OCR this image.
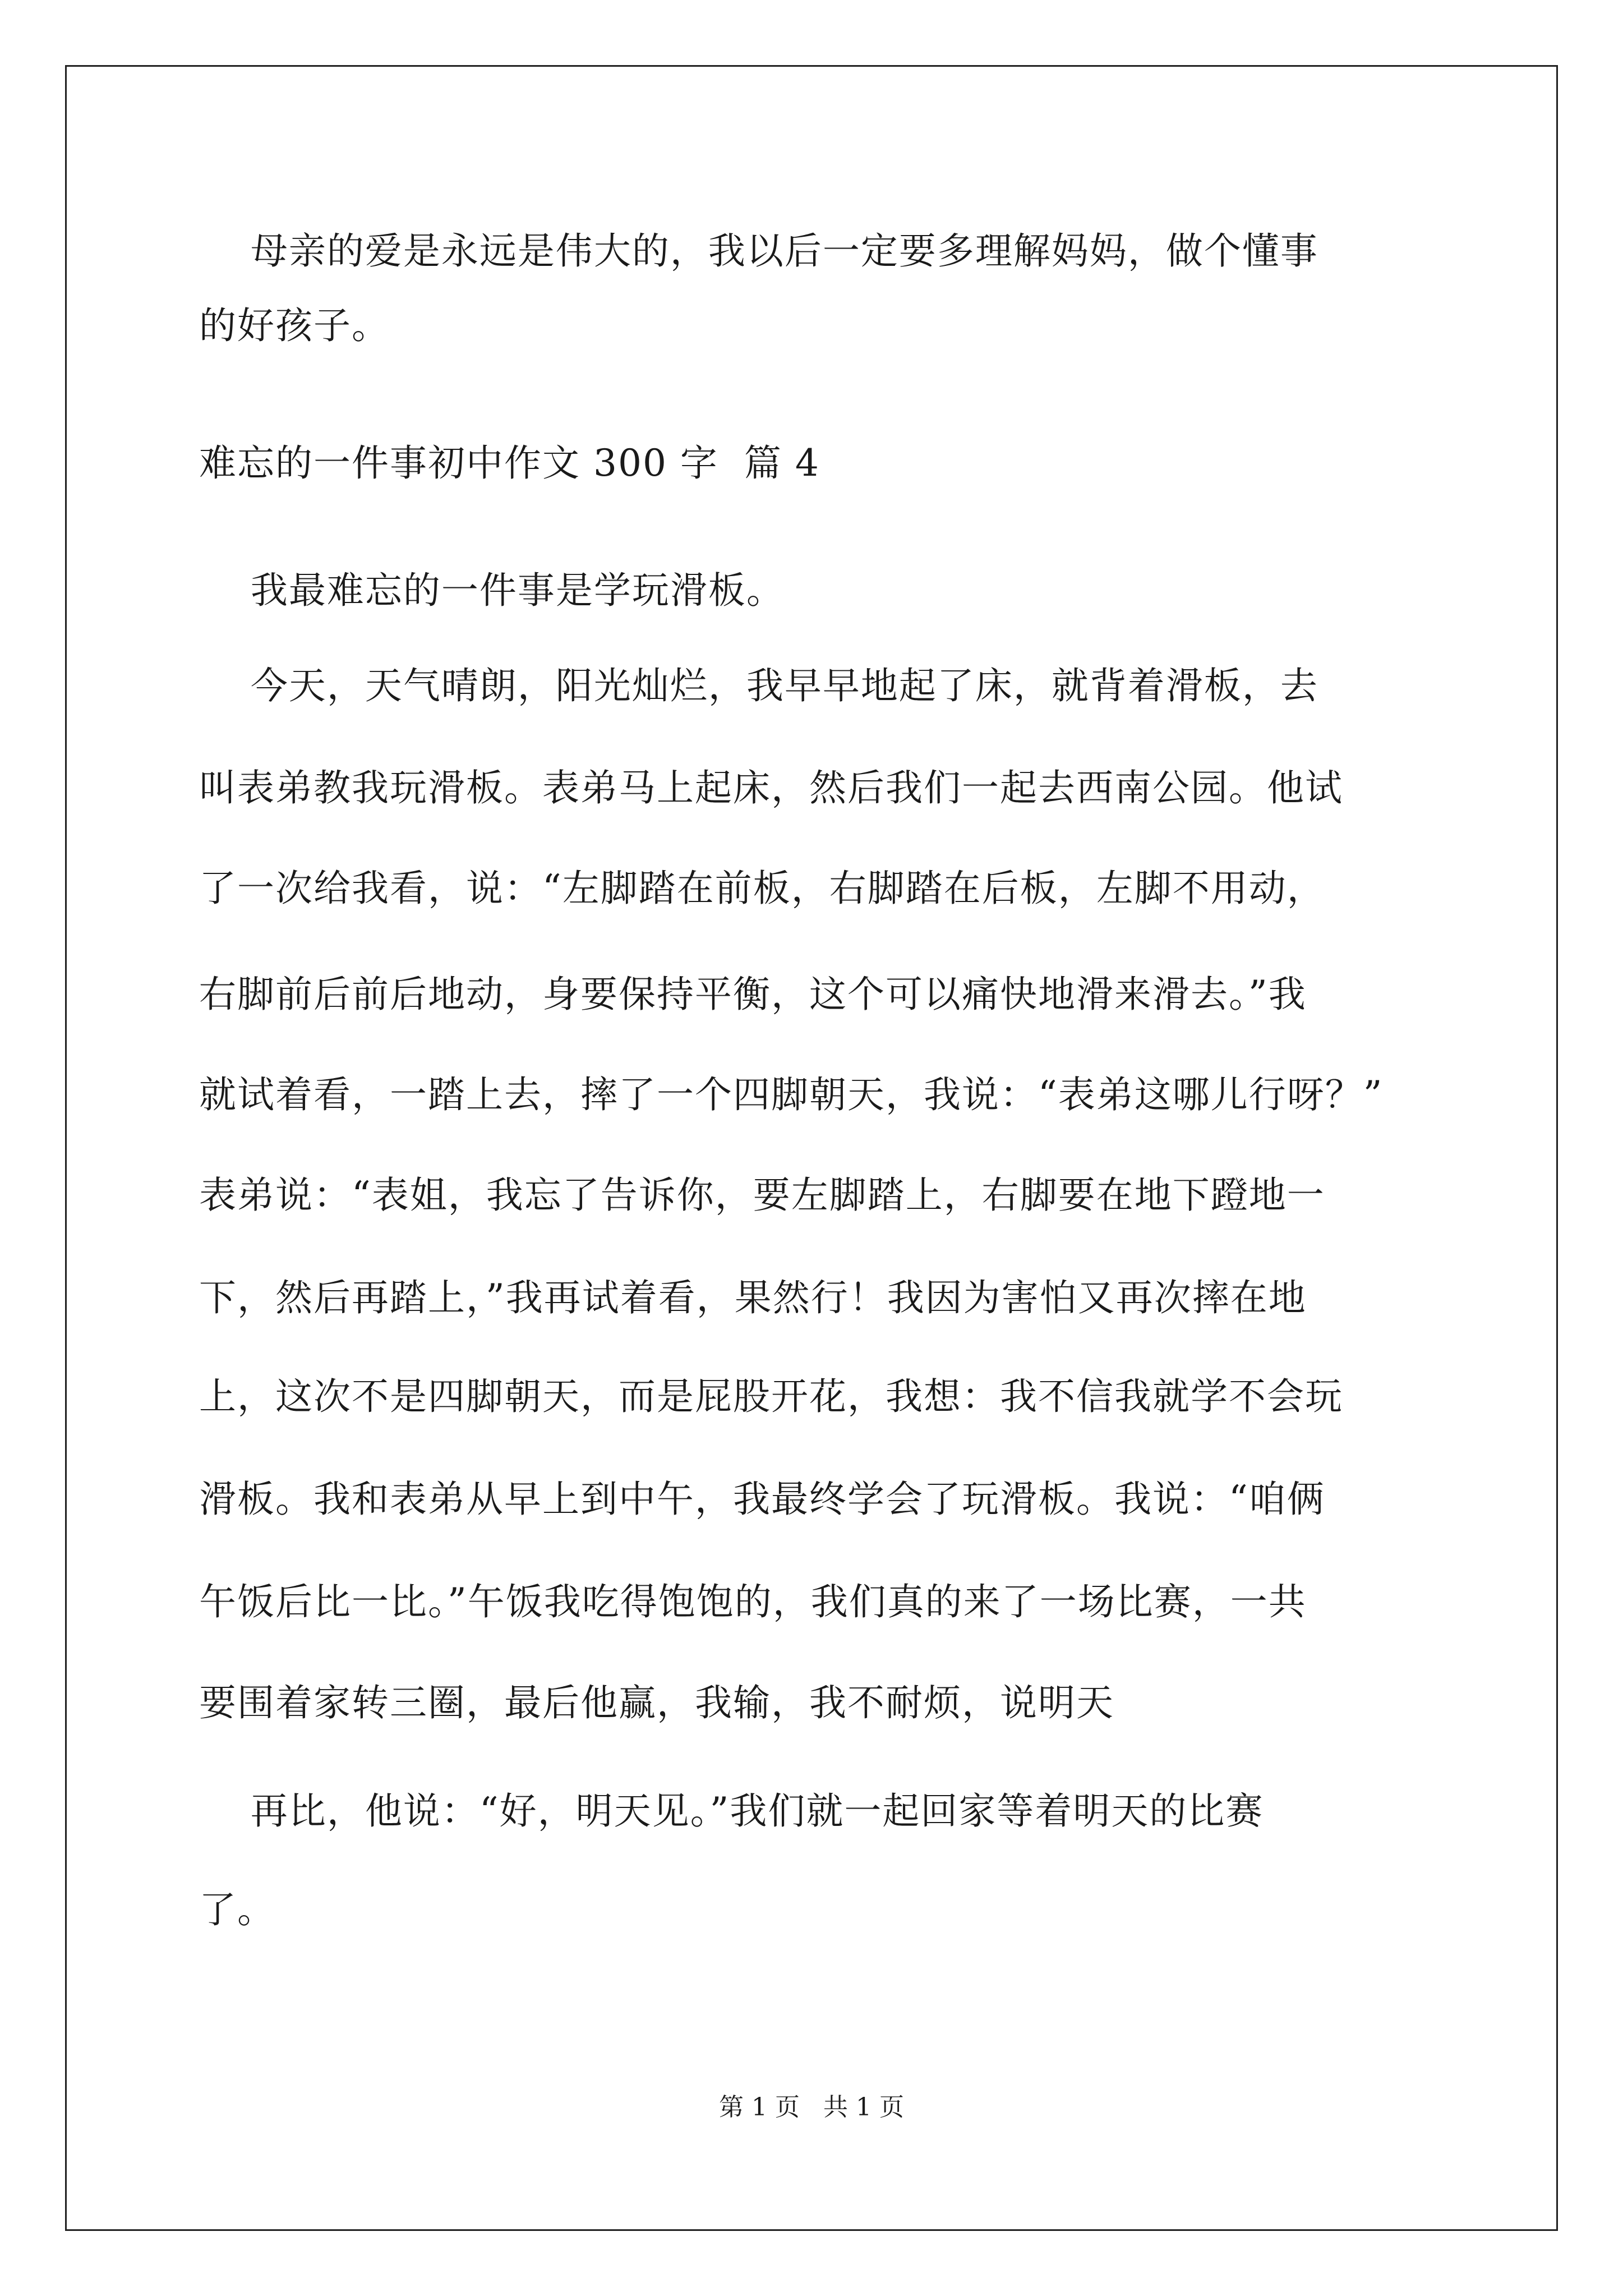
母亲的爱是永远是伟大的，我以后一定要多理解妈妈，做个懂事
的好孩子。
难忘的一件事初中作文 300 字  篇 4
我最难忘的一件事是学玩滑板。
今天，天气晴朗，阳光灿烂，我早早地起了床，就背着滑板，去
叫表弟教我玩滑板。表弟马上起床，然后我们一起去西南公园。他试
了一次给我看，说：“左脚踏在前板，右脚踏在后板，左脚不用动，
右脚前后前后地动，身要保持平衡，这个可以痛快地滑来滑去。”我
就试着看，一踏上去，摔了一个四脚朝天，我说：“表弟这哪儿行呀？”
表弟说：“表姐，我忘了告诉你，要左脚踏上，右脚要在地下蹬地一
下，然后再踏上，”我再试着看，果然行！我因为害怕又再次摔在地
上，这次不是四脚朝天，而是屁股开花，我想：我不信我就学不会玩
滑板。我和表弟从早上到中午，我最终学会了玩滑板。我说：“咱俩
午饭后比一比。”午饭我吃得饱饱的，我们真的来了一场比赛，一共
要围着家转三圈，最后他赢，我输，我不耐烦，说明天
再比，他说：“好，明天见。”我们就一起回家等着明天的比赛
了。
第 1 页   共 1 页
